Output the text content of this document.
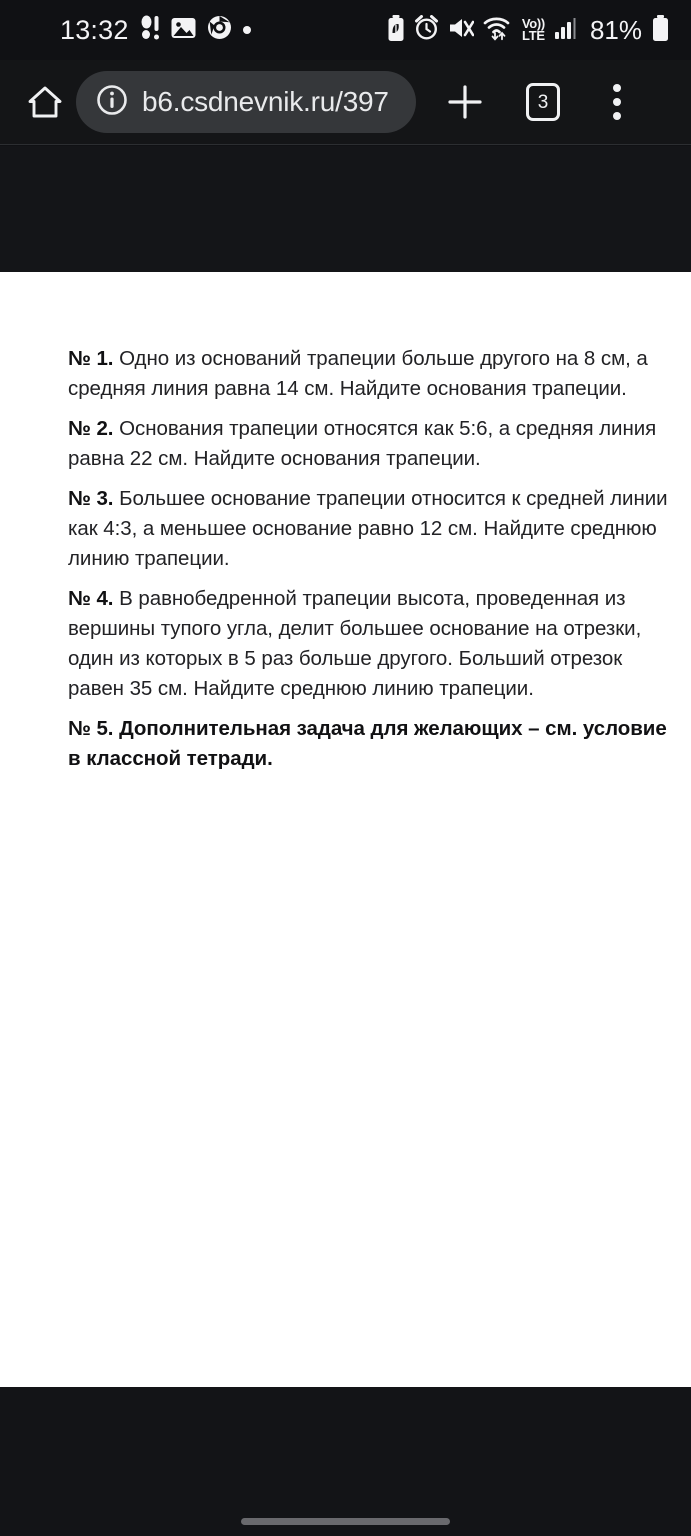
13:32	Vo))
LTE 81%
b6.csdnevnik.ru/397	3

№ 1. Одно из оснований трапеции больше другого на 8 см, а средняя линия равна 14 см. Найдите основания трапеции.

№ 2. Основания трапеции относятся как 5:6, а средняя линия равна 22 см. Найдите основания трапеции.

№ 3. Большее основание трапеции относится к средней линии как 4:3, а меньшее основание равно 12 см. Найдите среднюю линию трапеции.

№ 4. В равнобедренной трапеции высота, проведенная из вершины тупого угла, делит большее основание на отрезки, один из которых в 5 раз больше другого. Больший отрезок равен 35 см. Найдите среднюю линию трапеции.

№ 5. Дополнительная задача для желающих – см. условие в классной тетради.
